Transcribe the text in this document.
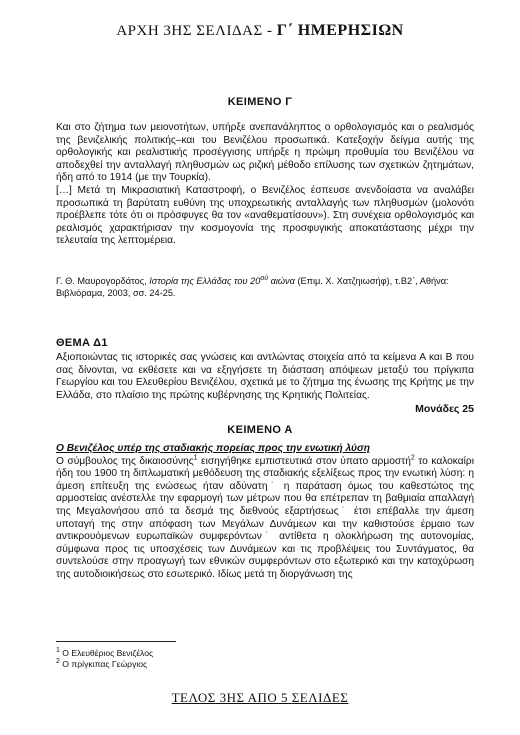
ΑΡΧΗ 3ΗΣ ΣΕΛΙΔΑΣ - Γ΄ ΗΜΕΡΗΣΙΩΝ
ΚΕΙΜΕΝΟ Γ

Και στο ζήτημα των μειονοτήτων, υπήρξε ανεπανάληπτος ο ορθολογισμός και ο ρεαλισμός της βενιζελικής πολιτικής–και του Βενιζέλου προσωπικά. Κατεξοχήν δείγμα αυτής της ορθολογικής και ρεαλιστικής προσέγγισης υπήρξε η πρώιμη προθυμία του Βενιζέλου να αποδεχθεί την ανταλλαγή πληθυσμών ως ριζική μέθοδο επίλυσης των σχετικών ζητημάτων, ήδη από το 1914 (με την Τουρκία).

[…] Μετά τη Μικρασιατική Καταστροφή, ο Βενιζέλος έσπευσε ανενδοίαστα να αναλάβει προσωπικά τη βαρύτατη ευθύνη της υποχρεωτικής ανταλλαγής των πληθυσμών (μολονότι προέβλεπε τότε ότι οι πρόσφυγες θα τον «αναθεματίσουν»). Στη συνέχεια ορθολογισμός και ρεαλισμός χαρακτήρισαν την κοσμογονία της προσφυγικής αποκατάστασης μέχρι την τελευταία της λεπτομέρεια.

Γ. Θ. Μαυρογορδάτος, Ιστορία της Ελλάδας του $20^{oύ}$ αιώνα (Επιμ. Χ. Χατζηιωσήφ), τ.Β2΄, Αθήνα: Βιβλιόραμα, 2003, σσ. 24-25.
ΘΕΜΑ Δ1
Αξιοποιώντας τις ιστορικές σας γνώσεις και αντλώντας στοιχεία από τα κείμενα Α και Β που σας δίνονται, να εκθέσετε και να εξηγήσετε τη διάσταση απόψεων μεταξύ του πρίγκιπα Γεωργίου και του Ελευθερίου Βενιζέλου, σχετικά με το ζήτημα της ένωσης της Κρήτης με την Ελλάδα, στο πλαίσιο της πρώτης κυβέρνησης της Κρητικής Πολιτείας.
Μονάδες 25
ΚΕΙΜΕΝΟ Α
Ο Βενιζέλος υπέρ της σταδιακής πορείας προς την ενωτική λύση

Ο σύμβουλος της δικαιοσύνης$^1$ εισηγήθηκε εμπιστευτικά στον ύπατο αρμοστή$^2$ το καλοκαίρι ήδη του 1900 τη διπλωματική μεθόδευση της σταδιακής εξελίξεως προς την ενωτική λύση: η άμεση επίτευξη της ενώσεως ήταν αδύνατη˙ η παράταση όμως του καθεστώτος της αρμοστείας ανέστελλε την εφαρμογή των μέτρων που θα επέτρεπαν τη βαθμιαία απαλλαγή της Μεγαλονήσου από τα δεσμά της διεθνούς εξαρτήσεως˙ έτσι επέβαλλε την άμεση υποταγή της στην απόφαση των Μεγάλων Δυνάμεων και την καθιστούσε έρμαιο των αντικρουόμενων ευρωπαϊκών συμφερόντων˙ αντίθετα η ολοκλήρωση της αυτονομίας, σύμφωνα προς τις υποσχέσεις των Δυνάμεων και τις προβλέψεις του Συντάγματος, θα συντελούσε στην προαγωγή των εθνικών συμφερόντων στο εξωτερικό και την κατοχύρωση της αυτοδιοικήσεως στο εσωτερικό. Ιδίως μετά τη διοργάνωση της

$^1$ Ο Ελευθέριος Βενιζέλος
$^2$ Ο πρίγκιπας Γεώργιος
ΤΕΛΟΣ 3ΗΣ ΑΠΟ 5 ΣΕΛΙΔΕΣ
